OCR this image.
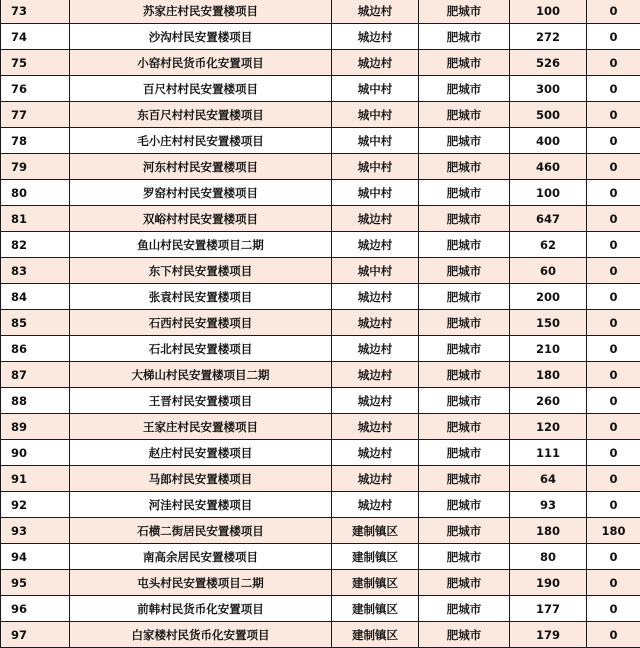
73	苏家庄村民安置楼项目	城边村	肥城市	100	0
74	沙沟村民安置楼项目	城边村	肥城市	272	0
75	小窑村民货币化安置项目	城边村	肥城市	526	0
76	百尺村村民安置楼项目	城中村	肥城市	300	0
77	东百尺村村民安置楼项目	城中村	肥城市	500	0
78	毛小庄村村民安置楼项目	城中村	肥城市	400	0
79	河东村村民安置楼项目	城中村	肥城市	460	0
80	罗窑村村民安置楼项目	城中村	肥城市	100	0
81	双峪村村民安置楼项目	城边村	肥城市	647	0
82	鱼山村民安置楼项目二期	城边村	肥城市	62	0
83	东下村民安置楼项目	城中村	肥城市	60	0
84	张袁村民安置楼项目	城边村	肥城市	200	0
85	石西村民安置楼项目	城边村	肥城市	150	0
86	石北村民安置楼项目	城边村	肥城市	210	0
87	大梯山村民安置楼项目二期	城边村	肥城市	180	0
88	王晋村民安置楼项目	城边村	肥城市	260	0
89	王家庄村民安置楼项目	城边村	肥城市	120	0
90	赵庄村民安置楼项目	城边村	肥城市	111	0
91	马郎村民安置楼项目	城边村	肥城市	64	0
92	河洼村民安置楼项目	城边村	肥城市	93	0
93	石横二街居民安置楼项目	建制镇区	肥城市	180	180
94	南高余居民安置楼项目	建制镇区	肥城市	80	0
95	屯头村民安置楼项目二期	建制镇区	肥城市	190	0
96	前韩村民货币化安置项目	建制镇区	肥城市	177	0
97	白家楼村民货币化安置项目	建制镇区	肥城市	179	0
